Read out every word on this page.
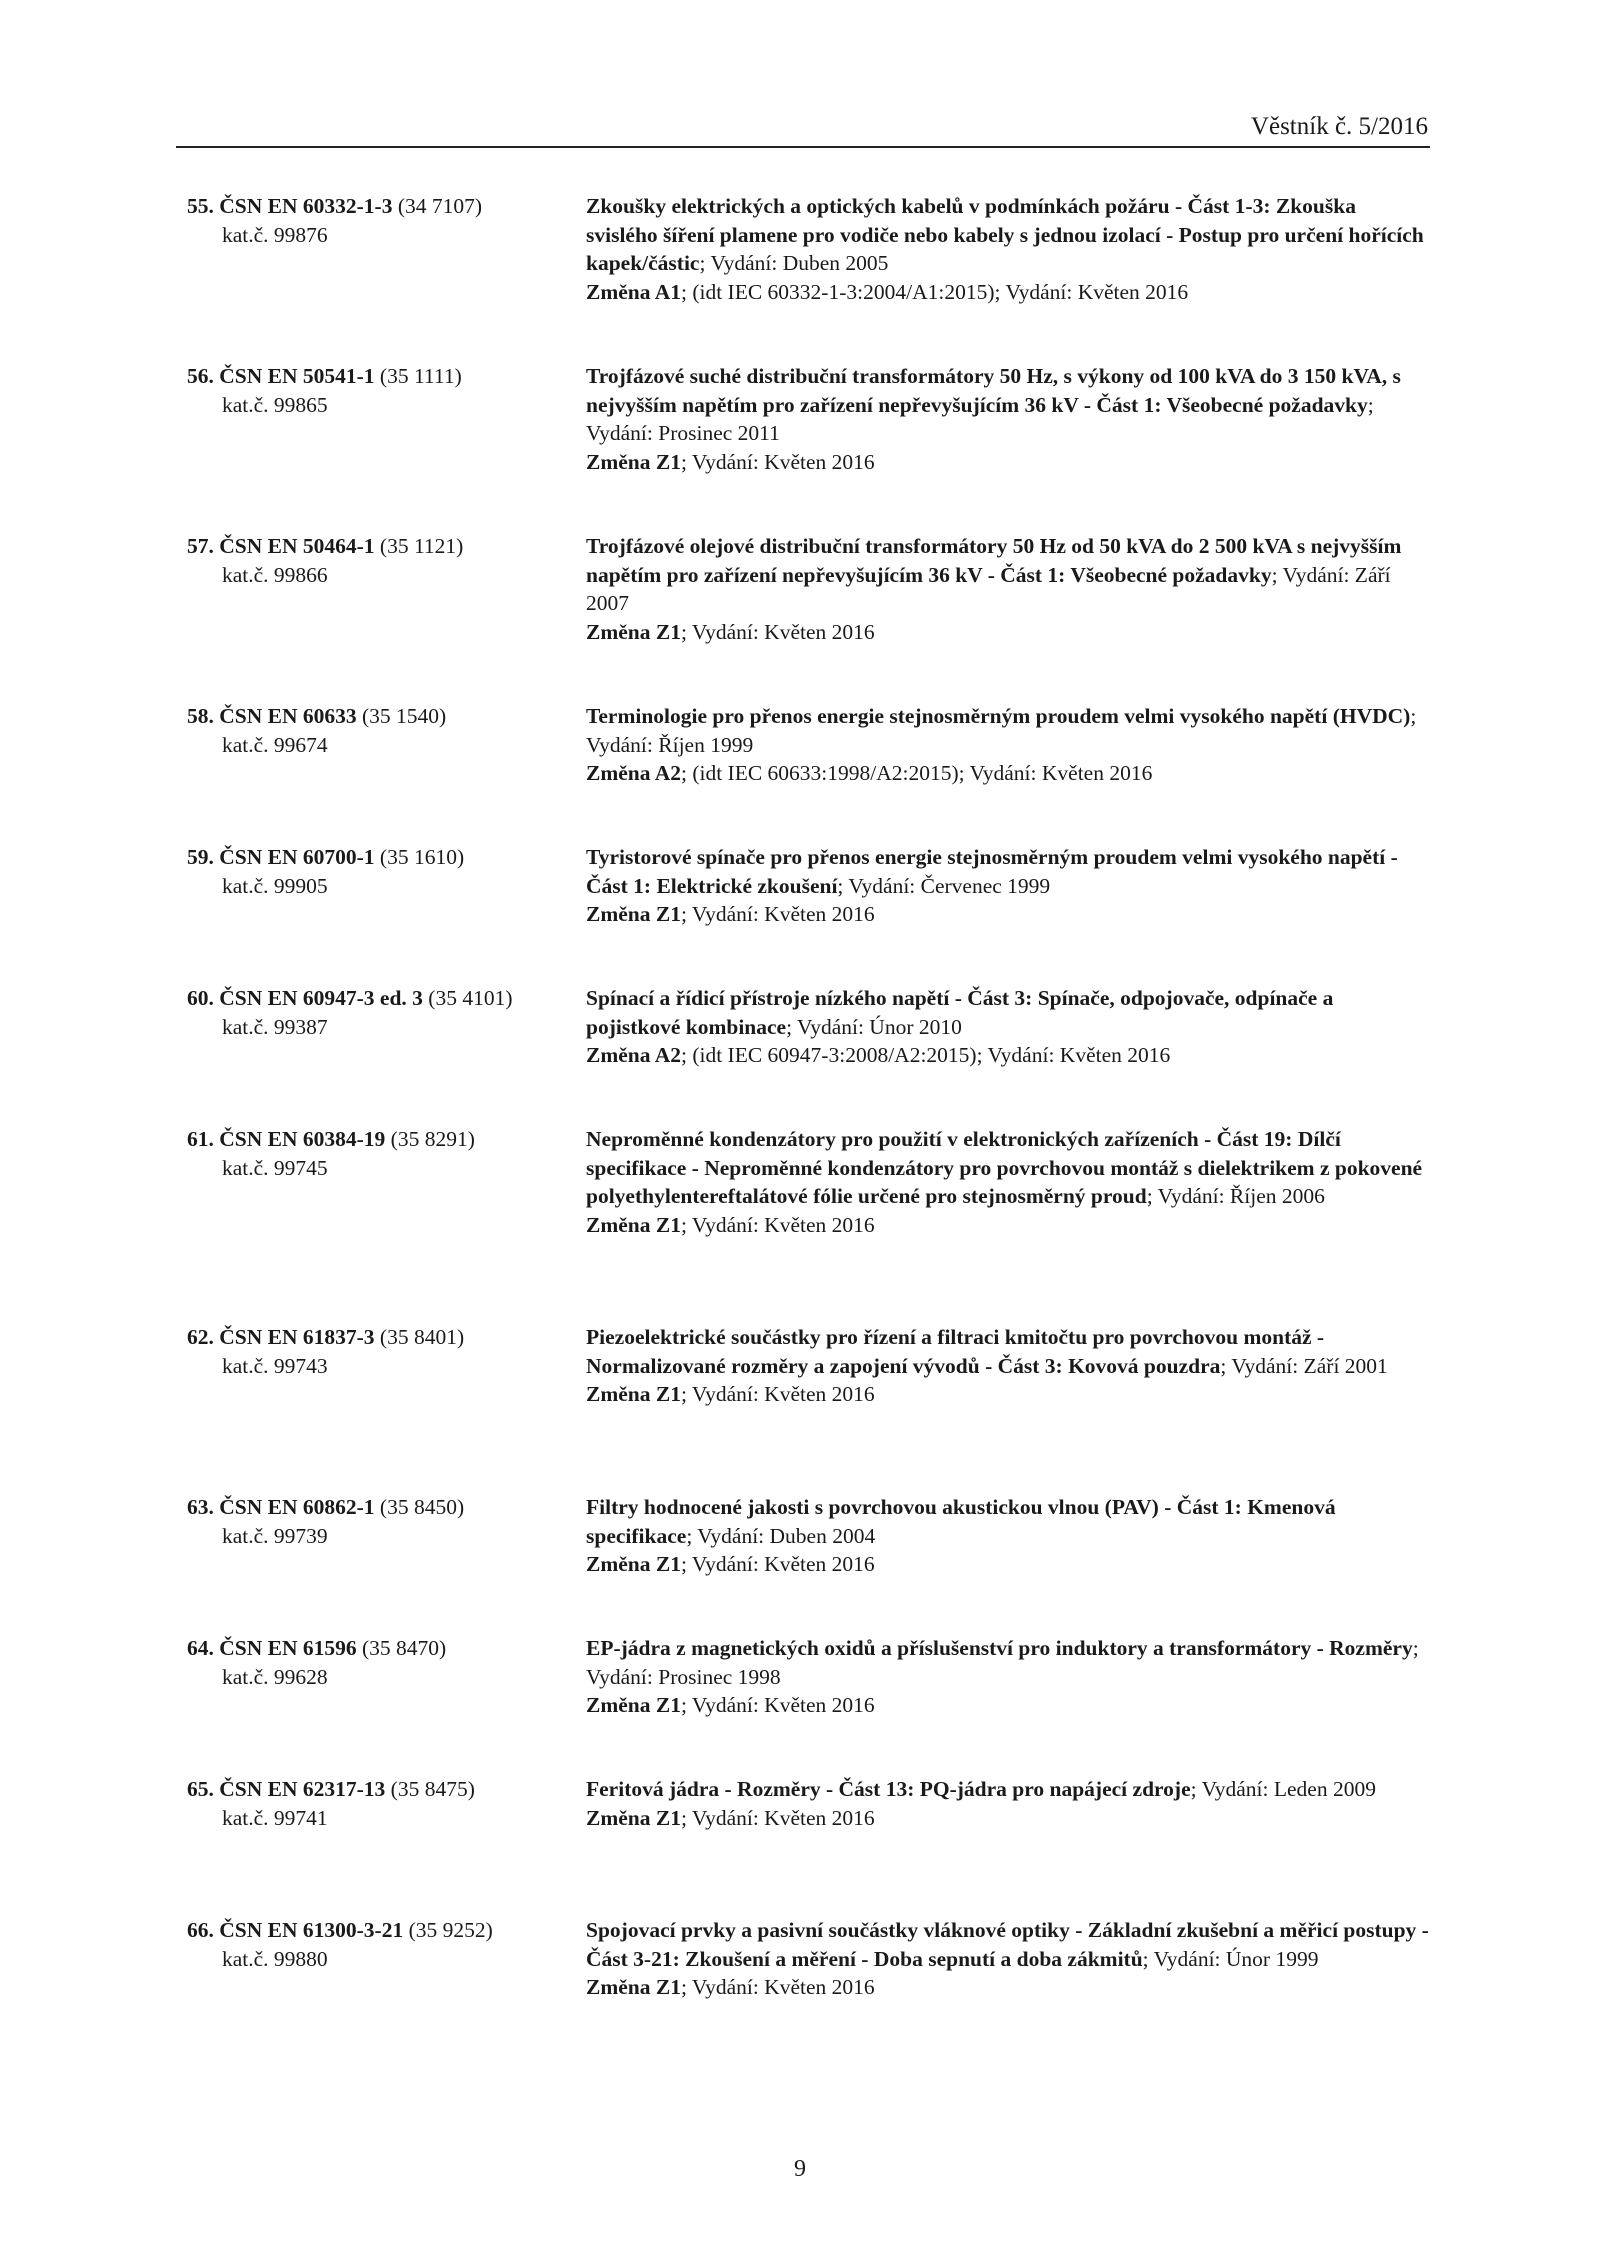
Věstník č. 5/2016
55. ČSN EN 60332-1-3 (34 7107)
kat.č. 99876
Zkoušky elektrických a optických kabelů v podmínkách požáru - Část 1-3: Zkouška svislého šíření plamene pro vodiče nebo kabely s jednou izolací - Postup pro určení hořících kapek/částic; Vydání: Duben 2005
Změna A1; (idt IEC 60332-1-3:2004/A1:2015); Vydání: Květen 2016
56. ČSN EN 50541-1 (35 1111)
kat.č. 99865
Trojfázové suché distribuční transformátory 50 Hz, s výkony od 100 kVA do 3 150 kVA, s nejvyšším napětím pro zařízení nepřevyšujícím 36 kV - Část 1: Všeobecné požadavky; Vydání: Prosinec 2011
Změna Z1; Vydání: Květen 2016
57. ČSN EN 50464-1 (35 1121)
kat.č. 99866
Trojfázové olejové distribuční transformátory 50 Hz od 50 kVA do 2 500 kVA s nejvyšším napětím pro zařízení nepřevyšujícím 36 kV - Část 1: Všeobecné požadavky; Vydání: Září 2007
Změna Z1; Vydání: Květen 2016
58. ČSN EN 60633 (35 1540)
kat.č. 99674
Terminologie pro přenos energie stejnosměrným proudem velmi vysokého napětí (HVDC); Vydání: Říjen 1999
Změna A2; (idt IEC 60633:1998/A2:2015); Vydání: Květen 2016
59. ČSN EN 60700-1 (35 1610)
kat.č. 99905
Tyristorové spínače pro přenos energie stejnosměrným proudem velmi vysokého napětí - Část 1: Elektrické zkoušení; Vydání: Červenec 1999
Změna Z1; Vydání: Květen 2016
60. ČSN EN 60947-3 ed. 3 (35 4101)
kat.č. 99387
Spínací a řídicí přístroje nízkého napětí - Část 3: Spínače, odpojovače, odpínače a pojistkové kombinace; Vydání: Únor 2010
Změna A2; (idt IEC 60947-3:2008/A2:2015); Vydání: Květen 2016
61. ČSN EN 60384-19 (35 8291)
kat.č. 99745
Neproměnné kondenzátory pro použití v elektronických zařízeních - Část 19: Dílčí specifikace - Neproměnné kondenzátory pro povrchovou montáž s dielektrikem z pokovené polyethylentereftalátové fólie určené pro stejnosměrný proud; Vydání: Říjen 2006
Změna Z1; Vydání: Květen 2016
62. ČSN EN 61837-3 (35 8401)
kat.č. 99743
Piezoelektrické součástky pro řízení a filtraci kmitočtu pro povrchovou montáž - Normalizované rozměry a zapojení vývodů - Část 3: Kovová pouzdra; Vydání: Září 2001
Změna Z1; Vydání: Květen 2016
63. ČSN EN 60862-1 (35 8450)
kat.č. 99739
Filtry hodnocené jakosti s povrchovou akustickou vlnou (PAV) - Část 1: Kmenová specifikace; Vydání: Duben 2004
Změna Z1; Vydání: Květen 2016
64. ČSN EN 61596 (35 8470)
kat.č. 99628
EP-jádra z magnetických oxidů a příslušenství pro induktory a transformátory - Rozměry; Vydání: Prosinec 1998
Změna Z1; Vydání: Květen 2016
65. ČSN EN 62317-13 (35 8475)
kat.č. 99741
Feritová jádra - Rozměry - Část 13: PQ-jádra pro napájecí zdroje; Vydání: Leden 2009
Změna Z1; Vydání: Květen 2016
66. ČSN EN 61300-3-21 (35 9252)
kat.č. 99880
Spojovací prvky a pasivní součástky vláknové optiky - Základní zkušební a měřicí postupy - Část 3-21: Zkoušení a měření - Doba sepnutí a doba zákmitů; Vydání: Únor 1999
Změna Z1; Vydání: Květen 2016
9
